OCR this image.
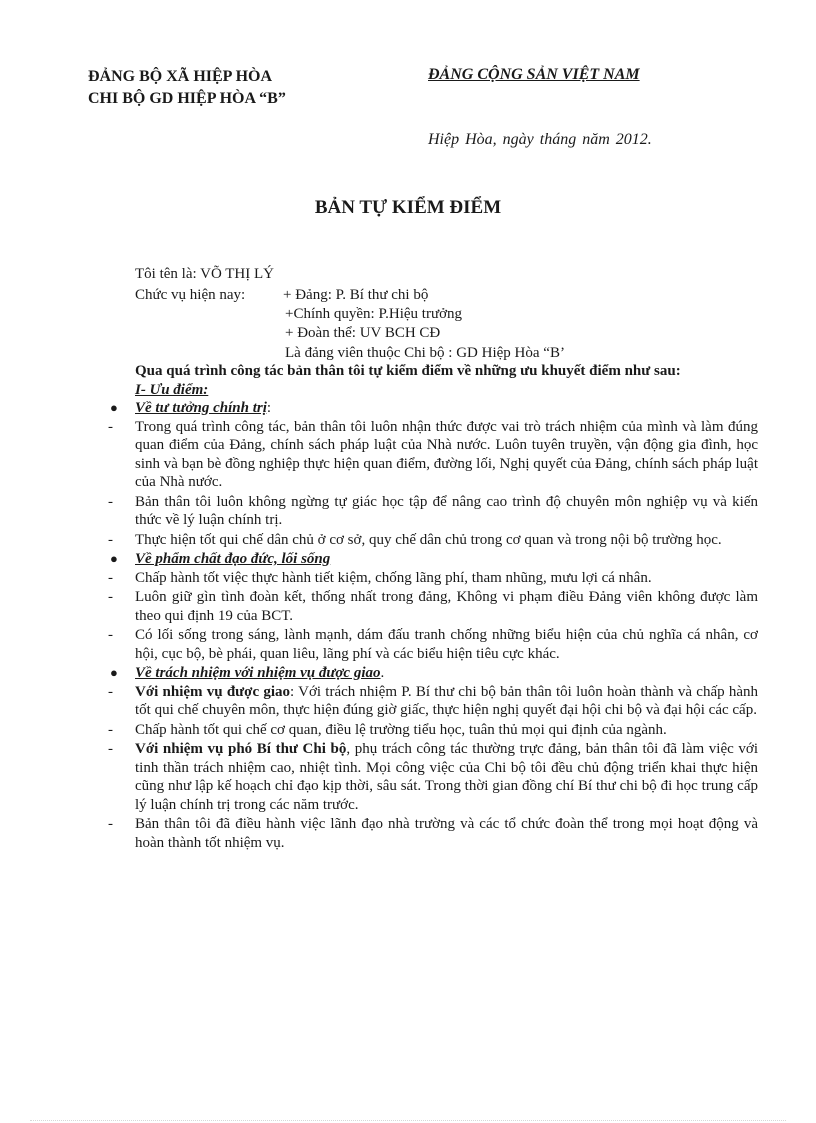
ĐẢNG BỘ XÃ HIỆP HÒA
CHI BỘ GD HIỆP HÒA “B”
ĐẢNG CỘNG SẢN VIỆT NAM
Hiệp Hòa, ngày tháng năm 2012.
BẢN TỰ KIỂM ĐIỂM
Tôi tên là: VÕ THỊ LÝ
Chức vụ hiện nay:	+ Đảng: P. Bí thư chi bộ
+Chính quyền: P.Hiệu trưởng
+ Đoàn thể: UV BCH CĐ
Là đảng viên thuộc Chi bộ : GD Hiệp Hòa “B’
Qua quá trình công tác bản thân tôi tự kiểm điểm về những ưu khuyết điểm như sau:
I- Ưu điểm:
● Về tư tưởng chính trị:
- Trong quá trình công tác, bản thân tôi luôn nhận thức được vai trò trách nhiệm của mình và làm đúng quan điểm của Đảng, chính sách pháp luật của Nhà nước. Luôn tuyên truyền, vận động gia đình, học sinh và bạn bè đồng nghiệp thực hiện quan điểm, đường lối, Nghị quyết của Đảng, chính sách pháp luật của Nhà nước.
- Bản thân tôi luôn không ngừng tự giác học tập để nâng cao trình độ chuyên môn nghiệp vụ và kiến thức về lý luận chính trị.
- Thực hiện tốt qui chế dân chủ ở cơ sở, quy chế dân chủ trong cơ quan và trong nội bộ trường học.
● Về phẩm chất đạo đức, lối sống
- Chấp hành tốt việc thực hành tiết kiệm, chống lãng phí, tham nhũng, mưu lợi cá nhân.
- Luôn giữ gìn tình đoàn kết, thống nhất trong đảng, Không vi phạm điều Đảng viên không được làm theo qui định 19 của BCT.
- Có lối sống trong sáng, lành mạnh, dám đấu tranh chống những biểu hiện của chủ nghĩa cá nhân, cơ hội, cục bộ, bè phái, quan liêu, lãng phí và các biểu hiện tiêu cực khác.
● Về trách nhiệm với nhiệm vụ được giao.
- Với nhiệm vụ được giao: Với trách nhiệm P. Bí thư chi bộ bản thân tôi luôn hoàn thành và chấp hành tốt qui chế chuyên môn, thực hiện đúng giờ giấc, thực hiện nghị quyết đại hội chi bộ và đại hội các cấp.
- Chấp hành tốt qui chế cơ quan, điều lệ trường tiểu học, tuân thủ mọi qui định của ngành.
- Với nhiệm vụ phó Bí thư Chi bộ, phụ trách công tác thường trực đảng, bản thân tôi đã làm việc với tinh thần trách nhiệm cao, nhiệt tình. Mọi công việc của Chi bộ tôi đều chủ động triển khai thực hiện cũng như lập kế hoạch chỉ đạo kịp thời, sâu sát. Trong thời gian đồng chí Bí thư chi bộ đi học trung cấp lý luận chính trị trong các năm trước.
- Bản thân tôi đã điều hành việc lãnh đạo nhà trường và các tổ chức đoàn thể trong mọi hoạt động và hoàn thành tốt nhiệm vụ.
